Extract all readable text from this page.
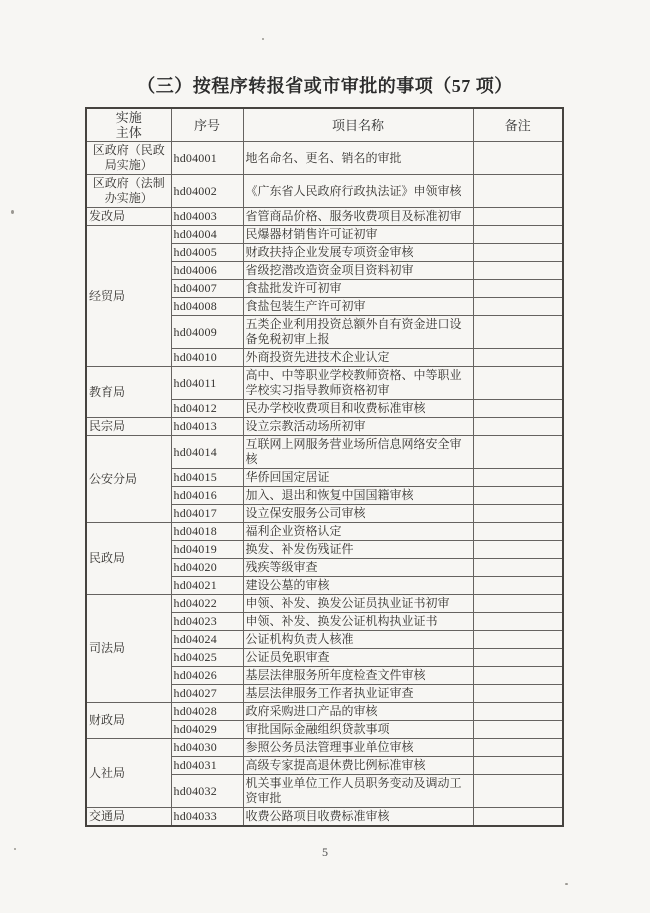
（三）按程序转报省或市审批的事项（57 项）
实施主体	序号	项目名称	备注
区政府（民政局实施）	hd04001	地名命名、更名、销名的审批	
区政府（法制办实施）	hd04002	《广东省人民政府行政执法证》申领审核	
发改局	hd04003	省管商品价格、服务收费项目及标准初审	
经贸局	hd04004	民爆器材销售许可证初审	
	hd04005	财政扶持企业发展专项资金审核	
	hd04006	省级挖潜改造资金项目资料初审	
	hd04007	食盐批发许可初审	
	hd04008	食盐包装生产许可初审	
	hd04009	五类企业利用投资总额外自有资金进口设备免税初审上报	
	hd04010	外商投资先进技术企业认定	
教育局	hd04011	高中、中等职业学校教师资格、中等职业学校实习指导教师资格初审	
	hd04012	民办学校收费项目和收费标准审核	
民宗局	hd04013	设立宗教活动场所初审	
公安分局	hd04014	互联网上网服务营业场所信息网络安全审核	
	hd04015	华侨回国定居证	
	hd04016	加入、退出和恢复中国国籍审核	
	hd04017	设立保安服务公司审核	
民政局	hd04018	福利企业资格认定	
	hd04019	换发、补发伤残证件	
	hd04020	残疾等级审查	
	hd04021	建设公墓的审核	
司法局	hd04022	申领、补发、换发公证员执业证书初审	
	hd04023	申领、补发、换发公证机构执业证书	
	hd04024	公证机构负责人核准	
	hd04025	公证员免职审查	
	hd04026	基层法律服务所年度检查文件审核	
	hd04027	基层法律服务工作者执业证审查	
财政局	hd04028	政府采购进口产品的审核	
	hd04029	审批国际金融组织贷款事项	
人社局	hd04030	参照公务员法管理事业单位审核	
	hd04031	高级专家提高退休费比例标准审核	
	hd04032	机关事业单位工作人员职务变动及调动工资审批	
交通局	hd04033	收费公路项目收费标准审核	
5
